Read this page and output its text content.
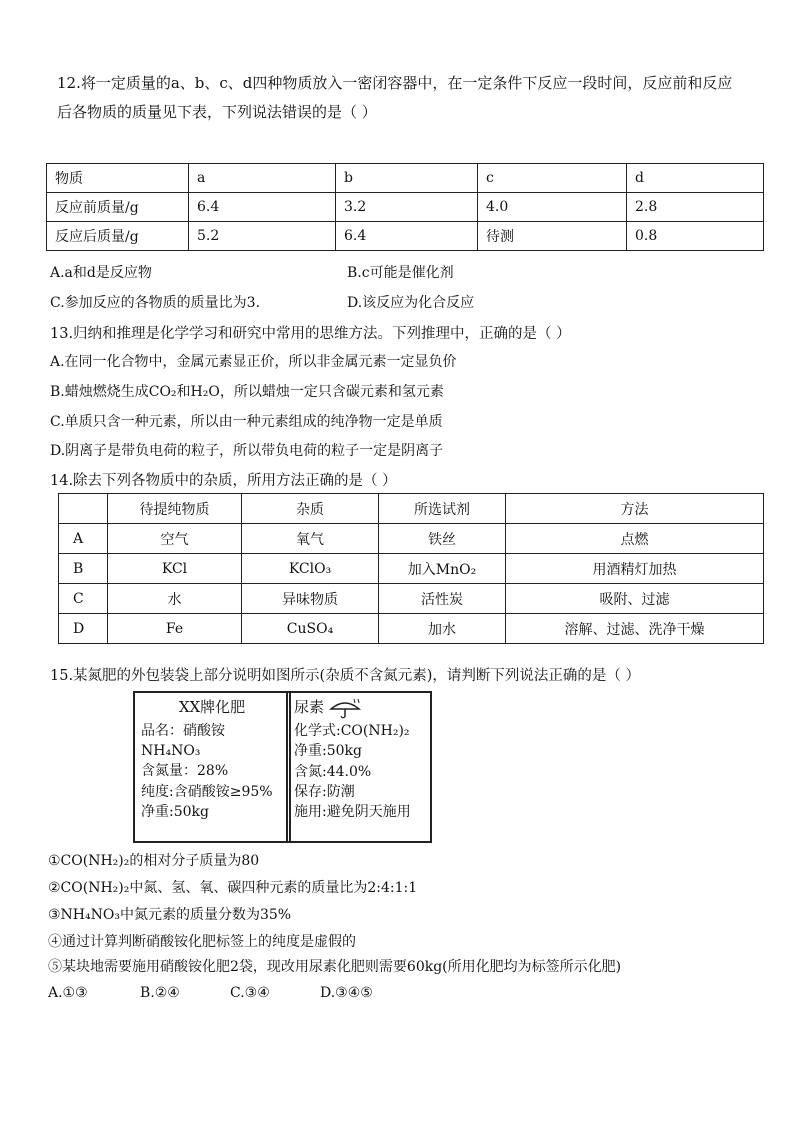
12.将一定质量的a、b、c、d四种物质放入一密闭容器中，在一定条件下反应一段时间，反应前和反应
后各物质的质量见下表，下列说法错误的是（ ）
物质	a	b	c	d
反应前质量/g	6.4	3.2	4.0	2.8
反应后质量/g	5.2	6.4	待测	0.8
A.a和d是反应物	B.c可能是催化剂
C.参加反应的各物质的质量比为3.	D.该反应为化合反应
13.归纳和推理是化学学习和研究中常用的思维方法。下列推理中，正确的是（ ）
A.在同一化合物中，金属元素显正价，所以非金属元素一定显负价
B.蜡烛燃烧生成CO₂和H₂O，所以蜡烛一定只含碳元素和氢元素
C.单质只含一种元素，所以由一种元素组成的纯净物一定是单质
D.阴离子是带负电荷的粒子，所以带负电荷的粒子一定是阴离子
14.除去下列各物质中的杂质，所用方法正确的是（ ）
	待提纯物质	杂质	所选试剂	方法
A	空气	氧气	铁丝	点燃
B	KCl	KClO₃	加入MnO₂	用酒精灯加热
C	水	异味物质	活性炭	吸附、过滤
D	Fe	CuSO₄	加水	溶解、过滤、洗净干燥
15.某氮肥的外包装袋上部分说明如图所示(杂质不含氮元素)，请判断下列说法正确的是（ ）
XX牌化肥
品名：硝酸铵NH₄NO₃
含氮量：28%
纯度:含硝酸铵≥95%
净重:50kg
尿素
化学式:CO(NH₂)₂
净重:50kg
含氮:44.0%
保存:防潮
施用:避免阴天施用
①CO(NH₂)₂的相对分子质量为80
②CO(NH₂)₂中氮、氢、氧、碳四种元素的质量比为2:4:1:1
③NH₄NO₃中氮元素的质量分数为35%
④通过计算判断硝酸铵化肥标签上的纯度是虚假的
⑤某块地需要施用硝酸铵化肥2袋，现改用尿素化肥则需要60kg(所用化肥均为标签所示化肥)
A.①③	B.②④	C.③④	D.③④⑤
